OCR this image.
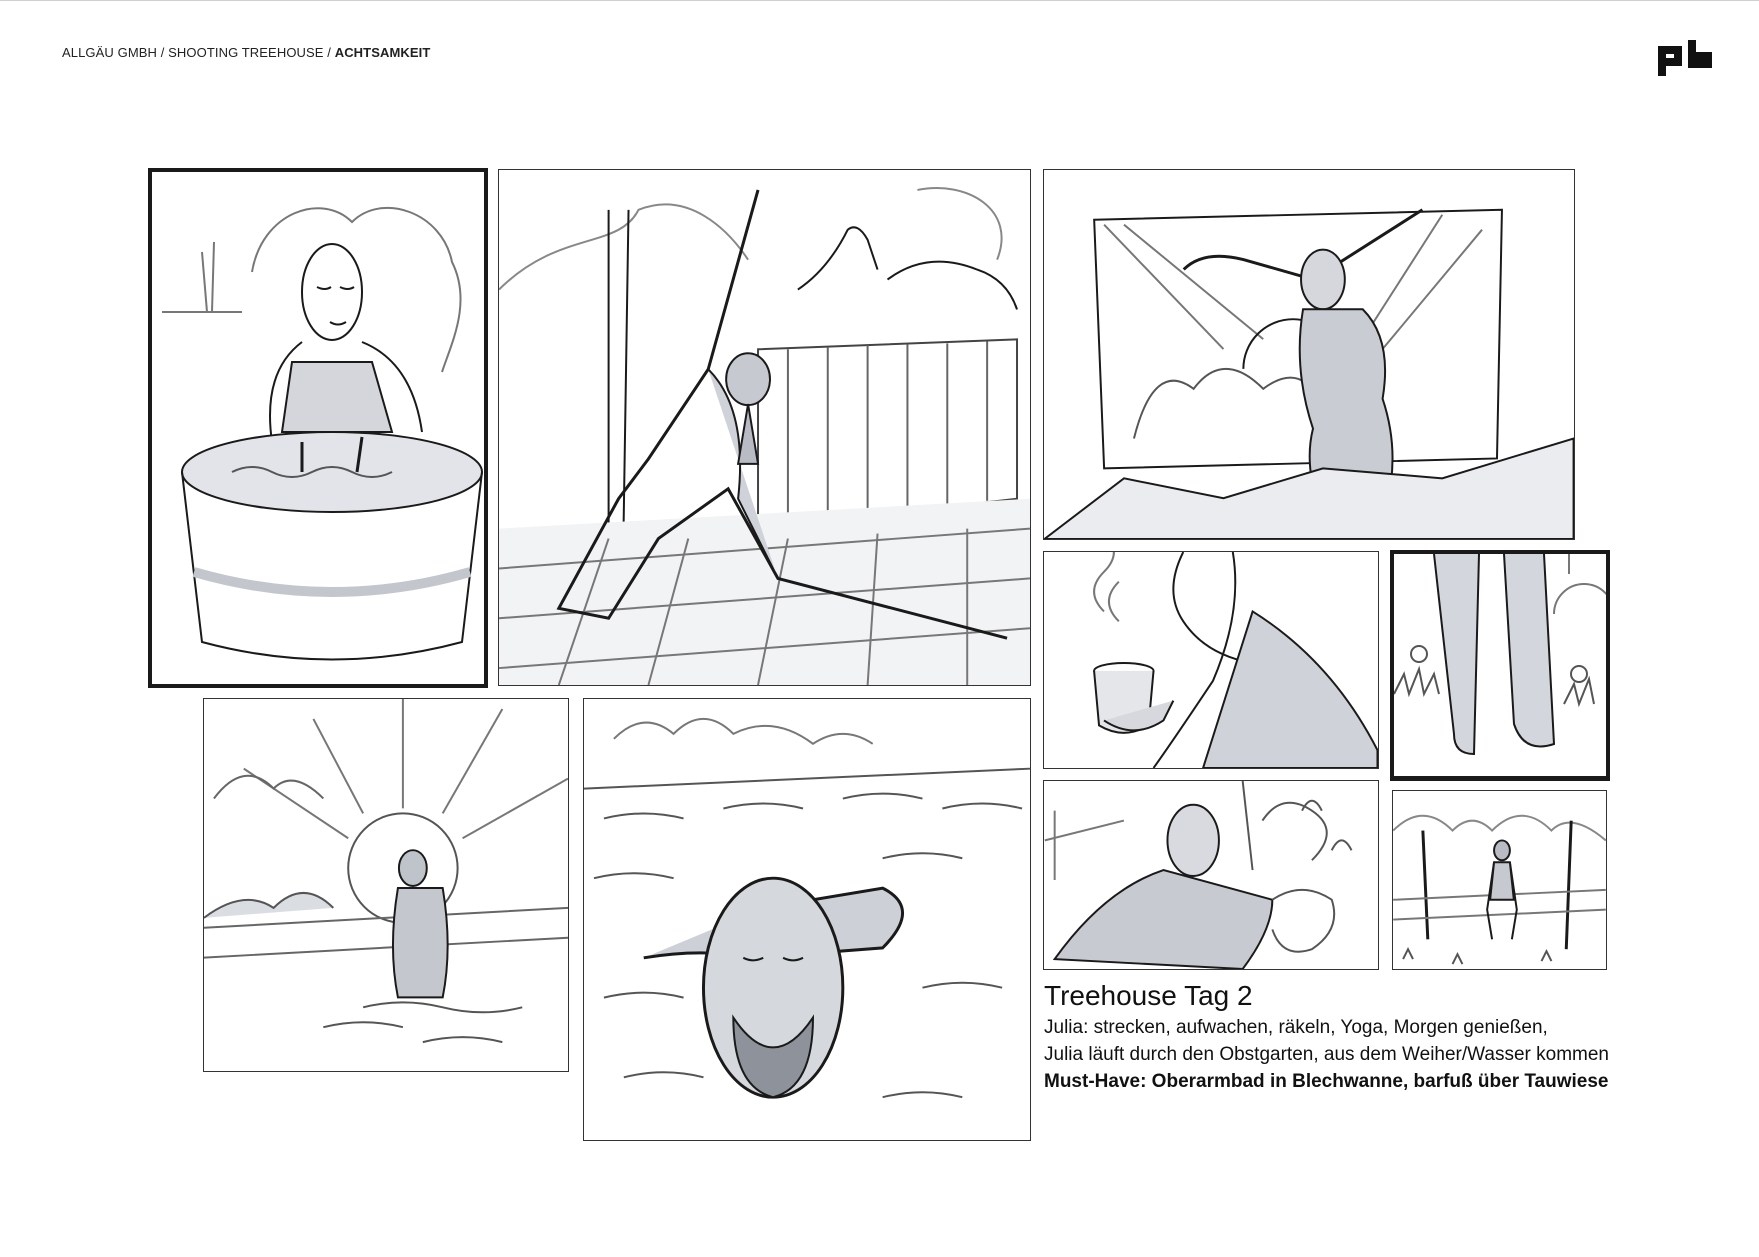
ALLGÄU GMBH / SHOOTING TREEHOUSE / ACHTSAMKEIT
Treehouse Tag 2
Julia: strecken, aufwachen, räkeln, Yoga, Morgen genießen,
Julia läuft durch den Obstgarten, aus dem Weiher/Wasser kommen
Must-Have: Oberarmbad in Blechwanne, barfuß über Tauwiese
